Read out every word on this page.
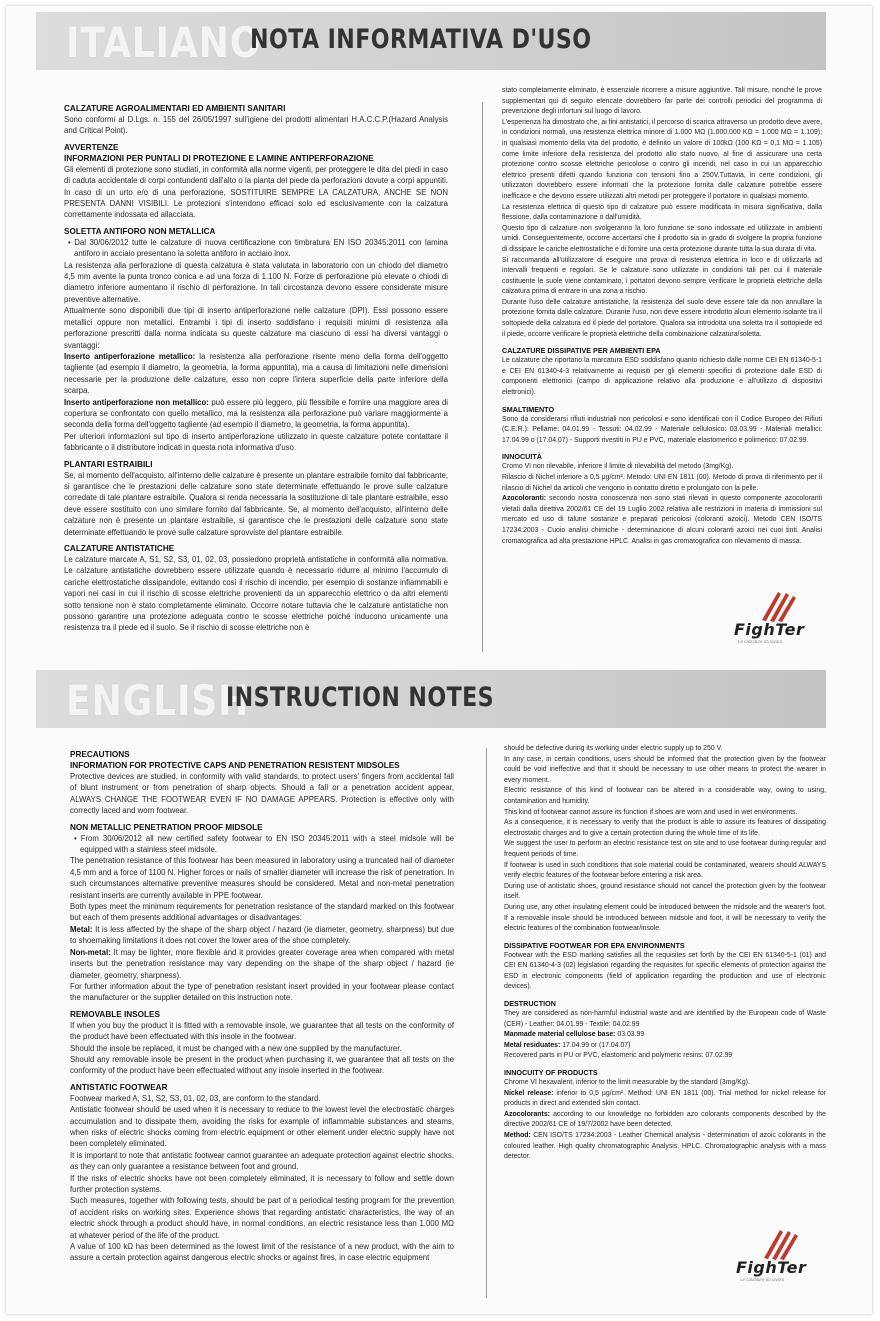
ITALIANO
NOTA INFORMATIVA D'USO
CALZATURE AGROALIMENTARI ED AMBIENTI SANITARI

Sono conformi al D.Lgs. n. 155 del 26/05/1997 sull'igiene dei prodotti alimentari H.A.C.C.P.(Hazard Analysis and Critical Point).

AVVERTENZE
INFORMAZIONI PER PUNTALI DI PROTEZIONE E LAMINE ANTIPERFORAZIONE

Gli elementi di protezione sono studiati, in conformità alla norme vigenti, per proteggere le dita dei piedi in caso di caduta accidentale di corpi contundenti dall'alto o la pianta del piede da perforazioni dovute a corpi appuntiti. In caso di un urto e/o di una perforazione, SOSTITUIRE SEMPRE LA CALZATURA, ANCHE SE NON PRESENTA DANNI VISIBILI. Le protezioni s'intendono efficaci solo ed esclusivamente con la calzatura correttamente indossata ed allacciata.

SOLETTA ANTIFORO NON METALLICA

• Dal 30/06/2012 tutte le calzature di nuova certificazione con timbratura EN ISO 20345:2011 con lamina antiforo in acciaio presentano la soletta antiforo in acciaio inox.

La resistenza alla perforazione di questa calzatura è stata valutata in laboratorio con un chiodo del diametro 4,5 mm avente la punta tronco conica e ad una forza di 1.100 N. Forze di perforazione più elevate o chiodi di diametro inferiore aumentano il rischio di perforazione. In tali circostanza devono essere considerate misure preventive alternative.

Attualmente sono disponibili due tipi di inserto antiperforazione nelle calzature (DPI). Essi possono essere metallici oppure non metallici. Entrambi i tipi di inserto soddisfano i requisiti minimi di resistenza alla perforazione prescritti dalla norma indicata su queste calzature ma ciascuno di essi ha diversi vantaggi o svantaggi:

Inserto antiperforazione metallico: la resistenza alla perforazione risente meno della forma dell'oggetto tagliente (ad esempio il diametro, la geometria, la forma appuntita), ma a causa di limitazioni nelle dimensioni necessarie per la produzione delle calzature, esso non copre l'intera superficie della parte inferiore della scarpa.

Inserto antiperforazione non metallico: può essere più leggero, più flessibile e fornire una maggiore area di copertura se confrontato con quello metallico, ma la resistenza alla perforazione può variare maggiormente a seconda della forma dell'oggetto tagliente (ad esempio il diametro, la geometria, la forma appuntita).

Per ulteriori informazioni sul tipo di inserto antiperforazione utilizzato in queste calzature potete contattare il fabbricante o il distributore indicati in questa nota informativa d'uso.

PLANTARI ESTRAIBILI

Se, al momento dell'acquisto, all'interno delle calzature è presente un plantare estraibile fornito dal fabbricante, si garantisce che le prestazioni delle calzature sono state determinate effettuando le prove sulle calzature corredate di tale plantare estraibile. Qualora si renda necessaria la sostituzione di tale plantare estraibile, esso deve essere sostituito con uno similare fornito dal fabbricante. Se, al momento dell'acquisto, all'interno delle calzature non è presente un plantare estraibile, si garantisce che le prestazioni delle calzature sono state determinate effettuando le prove sulle calzature sprovviste del plantare estraibile.

CALZATURE ANTISTATICHE

Le calzature marcate A, S1, S2, S3, 01, 02, 03, possiedono proprietà antistatiche in conformità alla normativa. Le calzature antistatiche dovrebbero essere utilizzate quando è necessario ridurre al minimo l'accumulo di cariche elettrostatiche dissipandole, evitando così il rischio di incendio, per esempio di sostanze infiammabili e vapori nei casi in cui il rischio di scosse elettriche provenienti da un apparecchio elettrico o da altri elementi sotto tensione non è stato completamente eliminato. Occorre notare tuttavia che le calzature antistatiche non possono garantire una protezione adeguata contro le scosse elettriche poiché inducono unicamente una resistenza tra il piede ed il suolo. Se il rischio di scosse elettriche non è

stato completamente eliminato, è essenziale ricorrere a misure aggiuntive. Tali misure, nonché le prove supplementari qui di seguito elencate dovrebbero far parte dei controlli periodici del programma di prevenzione degli infortuni sul luogo di lavoro.

L'esperienza ha dimostrato che, ai fini antistatici, il percorso di scarica attraverso un prodotto deve avere, in condizioni normali, una resistenza elettrica minore di 1.000 MΩ (1.000.000 KΩ = 1.000 MΩ = 1.109); in qualsiasi momento della vita del prodotto, è definito un valore di 100kΩ (100 KΩ = 0,1 MΩ = 1.105) come limite inferiore della resistenza del prodotto allo stato nuovo, al fine di assicurare una certa protezione contro scosse elettriche pericolose o contro gli incendi, nel caso in cui un apparecchio elettrico presenti difetti quando funziona con tensioni fino a 250V.Tuttavia, in certe condizioni, gli utilizzatori dovrebbero essere informati che la protezione fornita dalle calzature potrebbe essere inefficace e che devono essere utilizzati altri metodi per proteggere il portatore in qualsiasi momento.

La resistenza elettrica di questo tipo di calzature può essere modificata in misura significativa, dalla flessione, dalla contaminazione o dall'umidità.

Questo tipo di calzature non svolgeranno la loro funzione se sono indossate ed utilizzate in ambienti umidi. Conseguentemente, occorre accertarsi che il prodotto sia in grado di svolgere la propria funzione di dissipare le cariche elettrostatiche e di fornire una certa protezione durante tutta la sua durata di vita.

Si raccomanda all'utilizzatore di eseguire una prova di resistenza elettrica in loco e di utilizzarla ad intervalli frequenti e regolari. Se le calzature sono utilizzate in condizioni tali per cui il materiale costituente le suole viene contaminato, i portatori devono sempre verificare le proprietà elettriche della calzatura prima di entrare in una zona a rischio.

Durante l'uso delle calzature antistatiche, la resistenza del suolo deve essere tale da non annullare la protezione fornita dalle calzature. Durante l'uso, non deve essere introdotto alcun elemento isolante tra il sottopiede della calzatura ed il piede del portatore. Qualora sia introdotta una soletta tra il sottopiede ed il piede, occorre verificare le proprietà elettriche della combinazione calzatura/soletta.

CALZATURE DISSIPATIVE PER AMBIENTI EPA

Le calzature che riportano la marcatura ESD soddisfano quanto richiesto dalle norme CEI EN 61340-5-1 e CEI EN 61340-4-3 relativamente ai requisiti per gli elementi specifici di protezione dalle ESD di componenti elettronici (campo di applicazione relativo alla produzione e all'utilizzo di dispositivi elettronici).

SMALTIMENTO

Sono da considerarsi rifiuti industriali non pericolosi e sono identificati con il Codice Europeo dei Rifiuti (C.E.R.): Pellame: 04.01.99 - Tessuti: 04.02.99 - Materiale cellulosico: 03.03.99 - Materiali metallici: 17.04.99 o (17.04.07) - Supporti rivestiti in PU e PVC, materiale elastomerico e polimerico: 07.02.99.

INNOCUITÀ

Cromo VI non rilevabile, inferiore il limite di rilevabilità del metodo (3mg/Kg).

Rilascio di Nichel inferiore a 0,5 μg/cm². Metodo: UNI EN 1811 (00). Metodo di prova di riferimento per il rilascio di Nichel da articoli che vengono in contatto diretto e prolungato con la pelle.

Azocoloranti: secondo nostra conoscenza non sono stati rilevati in questo componente azocoloranti vietati dalla direttiva 2002/61 CE del 19 Luglio 2002 relativa alle restrizioni in materia di immissioni sul mercato ed uso di talune sostanze e preparati pericolosi (coloranti azoici). Metodo CEN ISO/TS 17234:2003 - Cuoio analisi chimiche - determinazione di alcuni coloranti azoici nei cuoi tinti. Analisi cromatografica ad alta prestazione HPLC. Analisi in gas cromatografica con rilevamento di massa.

FighTer
Le calzature da lavoro
ENGLISH
INSTRUCTION NOTES
PRECAUTIONS
INFORMATION FOR PROTECTIVE CAPS AND PENETRATION RESISTENT MIDSOLES

Protective devices are studied, in conformity with valid standards, to protect users' fingers from accidental fall of blunt instrument or from penetration of sharp objects. Should a fall or a penetration accident appear, ALWAYS CHANGE THE FOOTWEAR EVEN IF NO DAMAGE APPEARS. Protection is effective only with correctly laced and worn footwear.

NON METALLIC PENETRATION PROOF MIDSOLE

• From 30/06/2012 all new certified safety footwear to EN ISO 20345:2011 with a steel midsole will be equipped with a stainless steel midsole.

The penetration resistance of this footwear has been measured in laboratory using a truncated nail of diameter 4,5 mm and a force of 1100 N. Higher forces or nails of smaller diameter will increase the risk of penetration. In such circumstances alternative preventive measures should be considered. Metal and non-metal penetration resistant inserts are currently available in PPE footwear.

Both types meet the minimum requirements for penetration resistance of the standard marked on this footwear but each of them presents additional advantages or disadvantages:

Metal: It is less affected by the shape of the sharp object / hazard (ie diameter, geometry, sharpness) but due to shoemaking limitations it does not cover the lower area of the shoe completely.

Non-metal: It may be lighter, more flexible and it provides greater coverage area when compared with metal inserts but the penetration resistance may vary depending on the shape of the sharp object / hazard (ie diameter, geometry, sharpness).

For further information about the type of penetration resistant insert provided in your footwear please contact the manufacturer or the supplier detailed on this instruction note.

REMOVABLE INSOLES

If when you buy the product it is fitted with a removable insole, we guarantee that all tests on the conformity of the product have been effectuated with this insole in the footwear.

Should the insole be replaced, it must be changed with a new one supplied by the manufacturer.

Should any removable insole be present in the product when purchasing it, we guarantee that all tests on the conformity of the product have been effectuated without any insole inserted in the footwear.

ANTISTATIC FOOTWEAR

Footwear marked A, S1, S2, S3, 01, 02, 03, are conform to the standard.

Antistatic footwear should be used when it is necessary to reduce to the lowest level the electrostatic charges accumulation and to dissipate them, avoiding the risks for example of inflammable substances and steams, when risks of electric shocks coming from electric equipment or other element under electric supply have not been completely eliminated.

It is important to note that antistatic footwear cannot guarantee an adequate protection against electric shocks, as they can only guarantee a resistance between foot and ground.

If the risks of electric shocks have not been completely eliminated, it is necessary to follow and settle down further protection systems.

Such measures, together with following tests, should be part of a periodical testing program for the prevention of accident risks on working sites. Experience shows that regarding antistatic characteristics, the way of an electric shock through a product should have, in normal conditions, an electric resistance less than 1.000 MΩ at whatever period of the life of the product.

A value of 100 kΩ has been determined as the lowest limit of the resistance of a new product, with the aim to assure a certain protection against dangerous electric shocks or against fires, in case electric equipment

should be defective during its working under electric supply up to 250 V.

In any case, in certain conditions, users should be informed that the protection given by the footwear could be void ineffective and that it should be necessary to use other means to protect the wearer in every moment.

Electric resistance of this kind of footwear can be altered in a considerable way, owing to using, contamination and humidity.

This kind of footwear cannot assure its function if shoes are worn and used in wet environments.

As a consequence, it is necessary to verify that the product is able to assure its features of dissipating electrostatic charges and to give a certain protection during the whole time of its life.

We suggest the user to perform an electric resistance test on site and to use footwear during regular and frequent periods of time.

If footwear is used in such conditions that sole material could be contaminated, wearers should ALWAYS verify electric features of the footwear before entering a risk area.

During use of antistatic shoes, ground resistance should not cancel the protection given by the footwear itself.

During use, any other insulating element could be introduced between the midsole and the wearer's foot. If a removable insole should be introduced between midsole and foot, it will be necessary to verify the electric features of the combination footwear/insole.

DISSIPATIVE FOOTWEAR FOR EPA ENVIRONMENTS

Footwear with the ESD marking satisfies all the requisites set forth by the CEI EN 61340-5-1 (01) and CEI EN 61340-4-3 (02) legislation regarding the requisites for specific elements of protection against the ESD in electronic components (field of application regarding the production and use of electronic devices).

DESTRUCTION

They are considered as non-harmful industrial waste and are identified by the European code of Waste (CER) - Leather: 04.01.99 - Textile: 04.02.99

Manmade material cellulose base: 03.03.99

Metal residuates: 17.04.99 or (17.04.07)

Recovered parts in PU or PVC, elastomeric and polymeric resins: 07.02.99

INNOCUITY OF PRODUCTS

Chrome VI hexavalent, inferior to the limit measurable by the standard (3mg/Kg).

Nickel release: inferior to 0,5 μg/cm². Method: UNI EN 1811 (00). Trial method for nickel release for products in direct and extended skin contact.

Azocolorants: according to our knowledge no forbidden azo colorants components described by the directive 2002/61 CE of 19/7/2002 have been detected.

Method: CEN ISO/TS 17234:2003 - Leather Chemical analysis - determination of azoic colorants in the coloured leather. High quality chromatographic Analysis. HPLC. Chromatographic analysis with a mass detector.

FighTer
Le calzature da lavoro
